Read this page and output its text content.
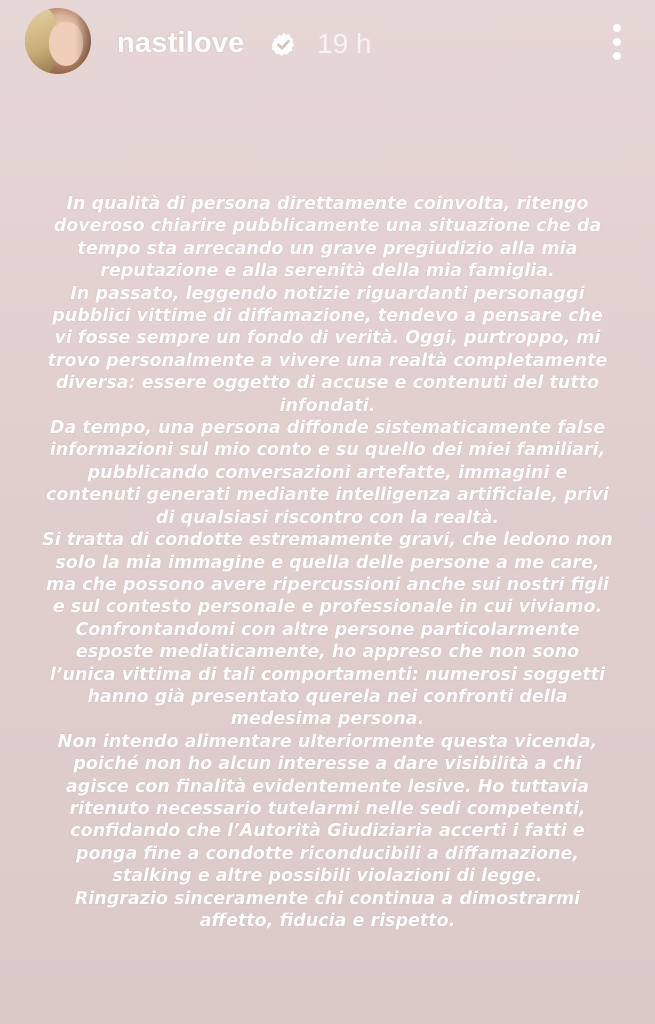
nastilove	19 h
In qualità di persona direttamente coinvolta, ritengo
doveroso chiarire pubblicamente una situazione che da
tempo sta arrecando un grave pregiudizio alla mia
reputazione e alla serenità della mia famiglia.
In passato, leggendo notizie riguardanti personaggi
pubblici vittime di diffamazione, tendevo a pensare che
vi fosse sempre un fondo di verità. Oggi, purtroppo, mi
trovo personalmente a vivere una realtà completamente
diversa: essere oggetto di accuse e contenuti del tutto
infondati.
Da tempo, una persona diffonde sistematicamente false
informazioni sul mio conto e su quello dei miei familiari,
pubblicando conversazioni artefatte, immagini e
contenuti generati mediante intelligenza artificiale, privi
di qualsiasi riscontro con la realtà.
Si tratta di condotte estremamente gravi, che ledono non
solo la mia immagine e quella delle persone a me care,
ma che possono avere ripercussioni anche sui nostri figli
e sul contesto personale e professionale in cui viviamo.
Confrontandomi con altre persone particolarmente
esposte mediaticamente, ho appreso che non sono
l’unica vittima di tali comportamenti: numerosi soggetti
hanno già presentato querela nei confronti della
medesima persona.
Non intendo alimentare ulteriormente questa vicenda,
poiché non ho alcun interesse a dare visibilità a chi
agisce con finalità evidentemente lesive. Ho tuttavia
ritenuto necessario tutelarmi nelle sedi competenti,
confidando che l’Autorità Giudiziaria accerti i fatti e
ponga fine a condotte riconducibili a diffamazione,
stalking e altre possibili violazioni di legge.
Ringrazio sinceramente chi continua a dimostrarmi
affetto, fiducia e rispetto.
